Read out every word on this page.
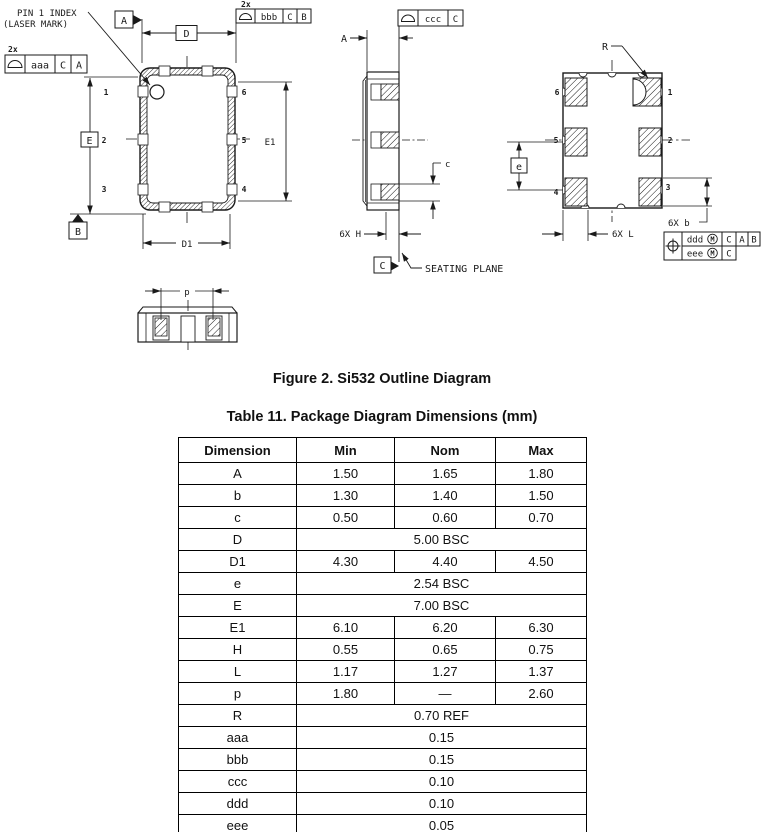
1
2
3
6
5
4
PIN 1 INDEX
(LASER MARK)
D
A
E
B
D1
E1
2x
aaa C A
2x
bbb C B	ccc C
A
c
6X H
C	SEATING PLANE
6
5
4
1
2
3
R
e
6X L
6X b
ddd M C A B
eee M C
p
Figure 2. Si532 Outline Diagram
Table 11. Package Diagram Dimensions (mm)
Dimension	Min	Nom	Max
A	1.50	1.65	1.80
b	1.30	1.40	1.50
c	0.50	0.60	0.70
D	5.00 BSC		
D1	4.30	4.40	4.50
e	2.54 BSC		
E	7.00 BSC		
E1	6.10	6.20	6.30
H	0.55	0.65	0.75
L	1.17	1.27	1.37
p	1.80	—	2.60
R	0.70 REF		
aaa	0.15		
bbb	0.15		
ccc	0.10		
ddd	0.10		
eee	0.05		
